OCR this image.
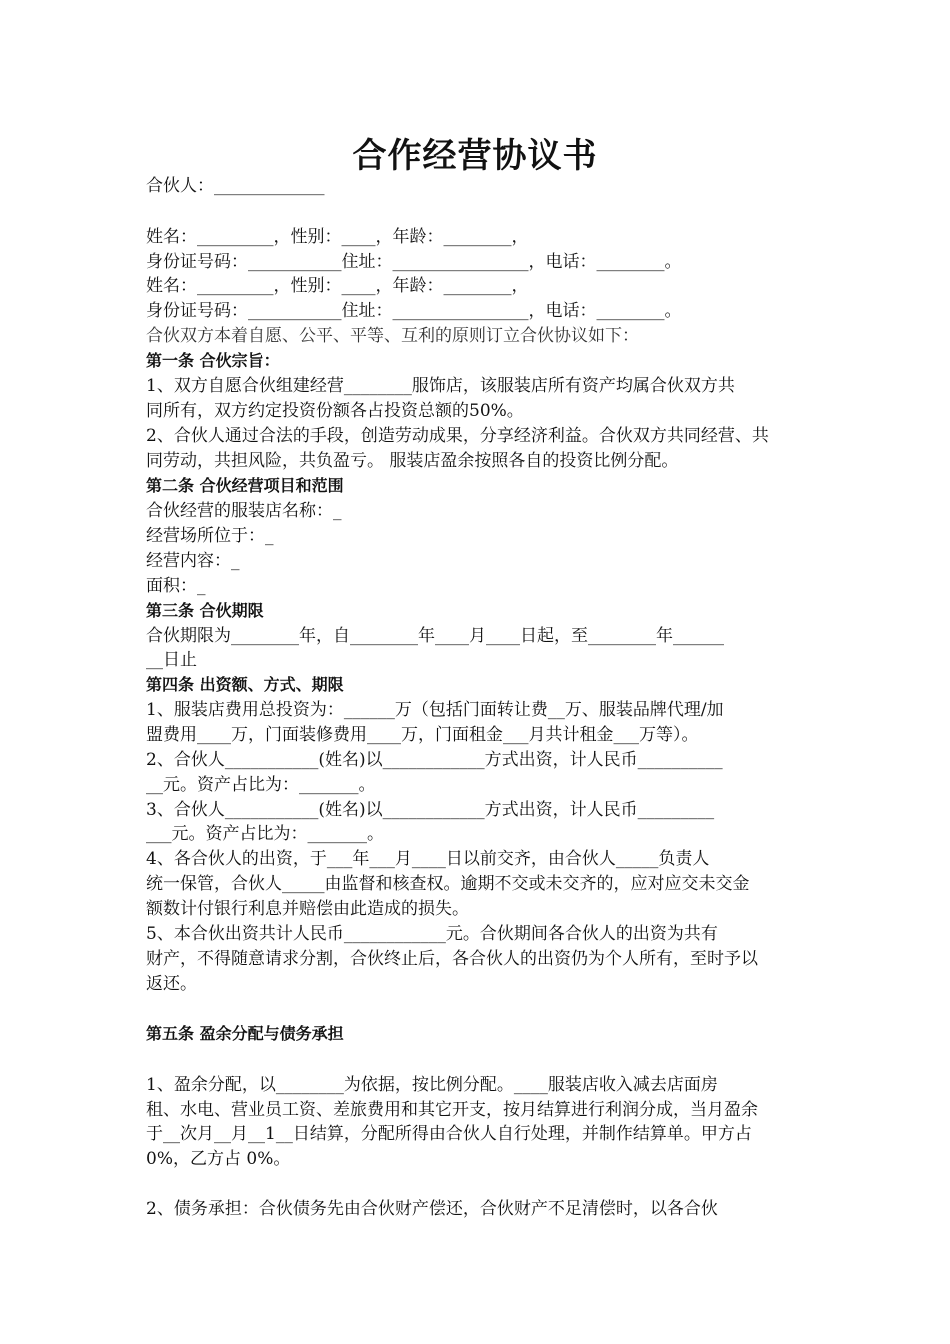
合作经营协议书
合伙人：_____________
姓名：_________，性别：____，年龄：________，
身份证号码：___________住址：________________，电话：________。
姓名：_________，性别：____，年龄：________，
身份证号码：___________住址：________________，电话：________。
合伙双方本着自愿、公平、平等、互利的原则订立合伙协议如下：
第一条 合伙宗旨：
1、双方自愿合伙组建经营________服饰店，该服装店所有资产均属合伙双方共
同所有，双方约定投资份额各占投资总额的50%。
2、合伙人通过合法的手段，创造劳动成果，分享经济利益。合伙双方共同经营、共
同劳动，共担风险，共负盈亏。 服装店盈余按照各自的投资比例分配。
第二条 合伙经营项目和范围
合伙经营的服装店名称：_
经营场所位于：_
经营内容：_
面积：_
第三条 合伙期限
合伙期限为________年，自________年____月____日起，至________年______
__日止
第四条 出资额、方式、期限
1、服装店费用总投资为：______万（包括门面转让费__万、服装品牌代理/加
盟费用____万，门面装修费用____万，门面租金___月共计租金___万等）。
2、合伙人___________(姓名)以____________方式出资，计人民币__________
__元。资产占比为：_______。
3、合伙人___________(姓名)以____________方式出资，计人民币_________
___元。资产占比为：_______。
4、各合伙人的出资，于___年___月____日以前交齐，由合伙人_____负责人
统一保管，合伙人_____由监督和核查权。逾期不交或未交齐的，应对应交未交金
额数计付银行利息并赔偿由此造成的损失。
5、本合伙出资共计人民币____________元。合伙期间各合伙人的出资为共有
财产，不得随意请求分割，合伙终止后，各合伙人的出资仍为个人所有，至时予以
返还。
第五条 盈余分配与债务承担
1、盈余分配，以________为依据，按比例分配。____服装店收入减去店面房
租、水电、营业员工资、差旅费用和其它开支，按月结算进行利润分成，当月盈余
于__次月__月__1__日结算，分配所得由合伙人自行处理，并制作结算单。甲方占
0%，乙方占 0%。
2、债务承担：合伙债务先由合伙财产偿还，合伙财产不足清偿时，以各合伙
